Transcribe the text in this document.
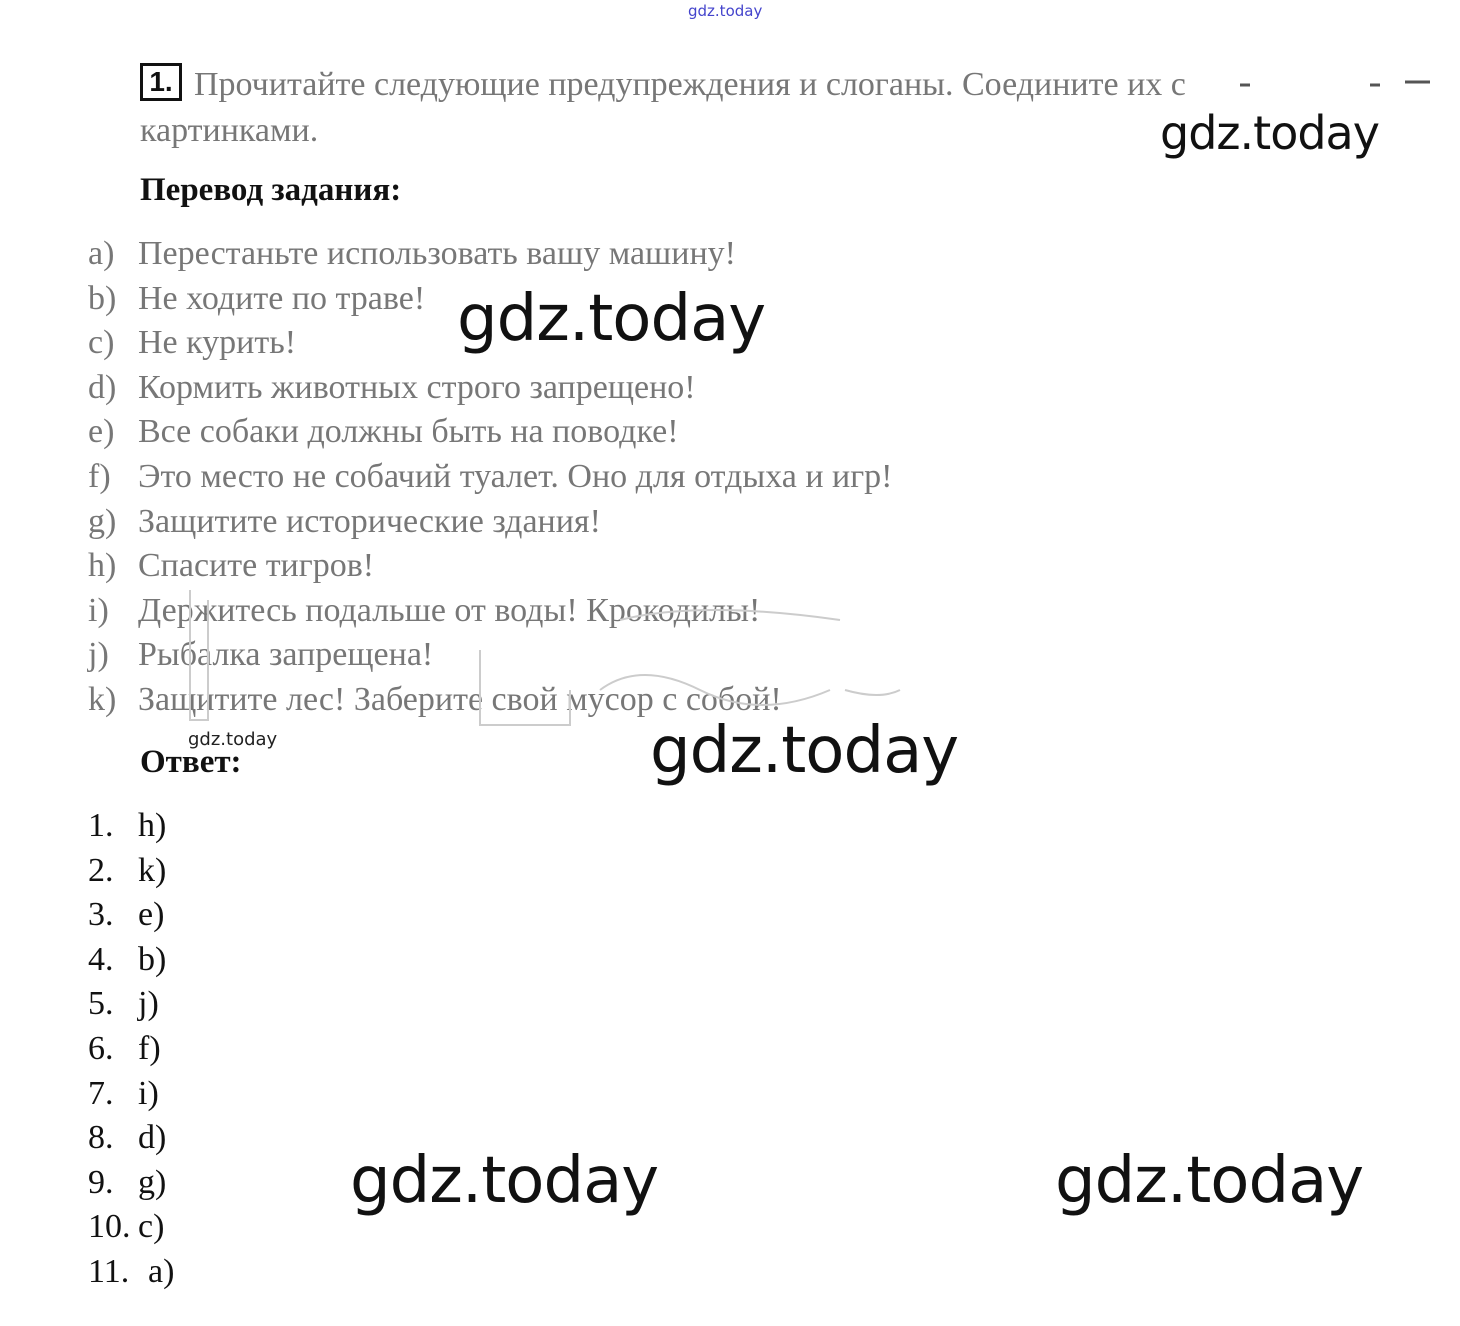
gdz.today
gdz.today
gdz.today
gdz.today	gdz.today
gdz.today	gdz.today
1. Прочитайте следующие предупреждения и слоганы. Соедините их с картинками.
Перевод задания:
a) Перестаньте использовать вашу машину!
b) Не ходите по траве!
c) Не курить!
d) Кормить животных строго запрещено!
e) Все собаки должны быть на поводке!
f) Это место не собачий туалет. Оно для отдыха и игр!
g) Защитите исторические здания!
h) Спасите тигров!
i) Держитесь подальше от воды! Крокодилы!
j) Рыбалка запрещена!
k) Защитите лес! Заберите свой мусор с собой!
Ответ:
1. h)
2. k)
3. e)
4. b)
5. j)
6. f)
7. i)
8. d)
9. g)
10. c)
11. a)
